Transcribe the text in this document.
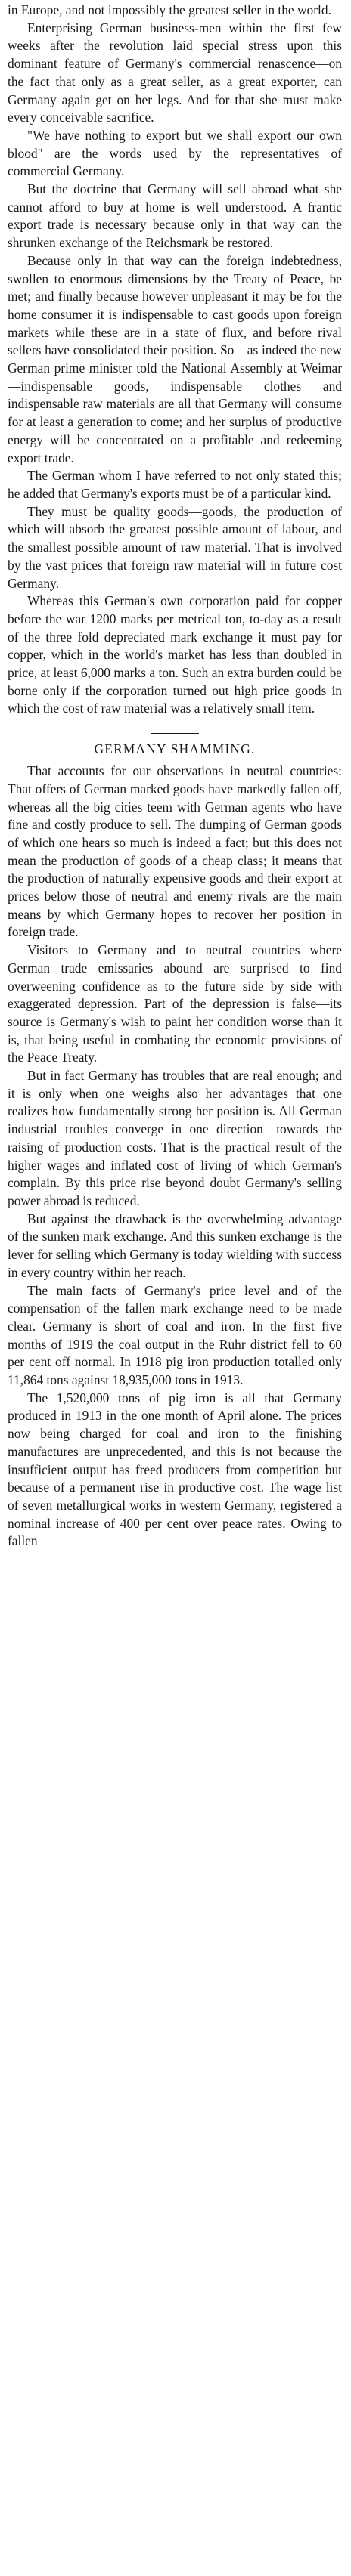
in Europe, and not impossibly the greatest seller in the world.

Enterprising German business-men within the first few weeks after the revolution laid special stress upon this dominant feature of Germany's commercial renascence—on the fact that only as a great seller, as a great exporter, can Germany again get on her legs. And for that she must make every conceivable sacrifice.

"We have nothing to export but we shall export our own blood" are the words used by the representatives of commercial Germany.

But the doctrine that Germany will sell abroad what she cannot afford to buy at home is well understood. A frantic export trade is necessary because only in that way can the shrunken exchange of the Reichsmark be restored.

Because only in that way can the foreign indebtedness, swollen to enormous dimensions by the Treaty of Peace, be met; and finally because however unpleasant it may be for the home consumer it is indispensable to cast goods upon foreign markets while these are in a state of flux, and before rival sellers have consolidated their position. So—as indeed the new German prime minister told the National Assembly at Weimar—indispensable goods, indispensable clothes and indispensable raw materials are all that Germany will consume for at least a generation to come; and her surplus of productive energy will be concentrated on a profitable and redeeming export trade.

The German whom I have referred to not only stated this; he added that Germany's exports must be of a particular kind.

They must be quality goods—goods, the production of which will absorb the greatest possible amount of labour, and the smallest possible amount of raw material. That is involved by the vast prices that foreign raw material will in future cost Germany.

Whereas this German's own corporation paid for copper before the war 1200 marks per metrical ton, to-day as a result of the three fold depreciated mark exchange it must pay for copper, which in the world's market has less than doubled in price, at least 6,000 marks a ton. Such an extra burden could be borne only if the corporation turned out high price goods in which the cost of raw material was a relatively small item.

GERMANY SHAMMING.

That accounts for our observations in neutral countries: That offers of German marked goods have markedly fallen off, whereas all the big cities teem with German agents who have fine and costly produce to sell. The dumping of German goods of which one hears so much is indeed a fact; but this does not mean the production of goods of a cheap class; it means that the production of naturally expensive goods and their export at prices below those of neutral and enemy rivals are the main means by which Germany hopes to recover her position in foreign trade.

Visitors to Germany and to neutral countries where German trade emissaries abound are surprised to find overweening confidence as to the future side by side with exaggerated depression. Part of the depression is false—its source is Germany's wish to paint her condition worse than it is, that being useful in combating the economic provisions of the Peace Treaty.

But in fact Germany has troubles that are real enough; and it is only when one weighs also her advantages that one realizes how fundamentally strong her position is. All German industrial troubles converge in one direction—towards the raising of production costs. That is the practical result of the higher wages and inflated cost of living of which German's complain. By this price rise beyond doubt Germany's selling power abroad is reduced.

But against the drawback is the overwhelming advantage of the sunken mark exchange. And this sunken exchange is the lever for selling which Germany is today wielding with success in every country within her reach.

The main facts of Germany's price level and of the compensation of the fallen mark exchange need to be made clear. Germany is short of coal and iron. In the first five months of 1919 the coal output in the Ruhr district fell to 60 per cent off normal. In 1918 pig iron production totalled only 11,864 tons against 18,935,000 tons in 1913.

The 1,520,000 tons of pig iron is all that Germany produced in 1913 in the one month of April alone. The prices now being charged for coal and iron to the finishing manufactures are unprecedented, and this is not because the insufficient output has freed producers from competition but because of a permanent rise in productive cost. The wage list of seven metallurgical works in western Germany, registered a nominal increase of 400 per cent over peace rates. Owing to fallen
